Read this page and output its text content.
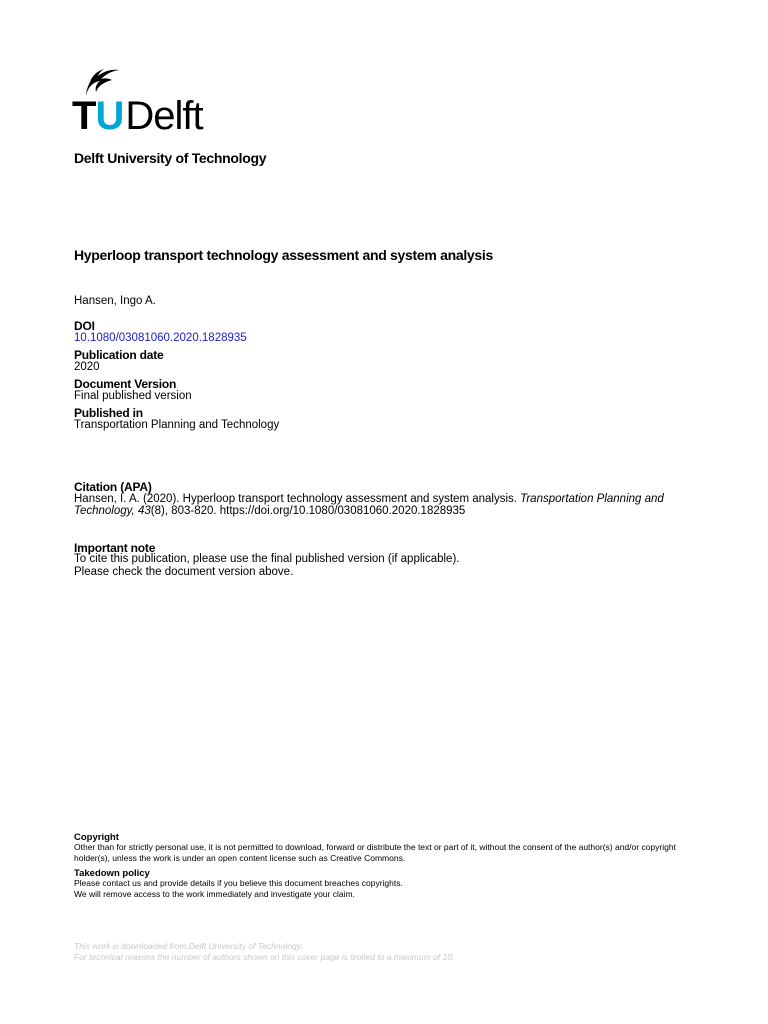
TUDelft
Delft University of Technology
Hyperloop transport technology assessment and system analysis
Hansen, Ingo A.
DOI
10.1080/03081060.2020.1828935
Publication date
2020
Document Version
Final published version
Published in
Transportation Planning and Technology
Citation (APA)
Hansen, I. A. (2020). Hyperloop transport technology assessment and system analysis. Transportation Planning and Technology, 43(8), 803-820. https://doi.org/10.1080/03081060.2020.1828935
Important note
To cite this publication, please use the final published version (if applicable).
Please check the document version above.
Copyright
Other than for strictly personal use, it is not permitted to download, forward or distribute the text or part of it, without the consent of the author(s) and/or copyright holder(s), unless the work is under an open content license such as Creative Commons.
Takedown policy
Please contact us and provide details if you believe this document breaches copyrights.
We will remove access to the work immediately and investigate your claim.
This work is downloaded from Delft University of Technology.
For technical reasons the number of authors shown on this cover page is limited to a maximum of 10.
